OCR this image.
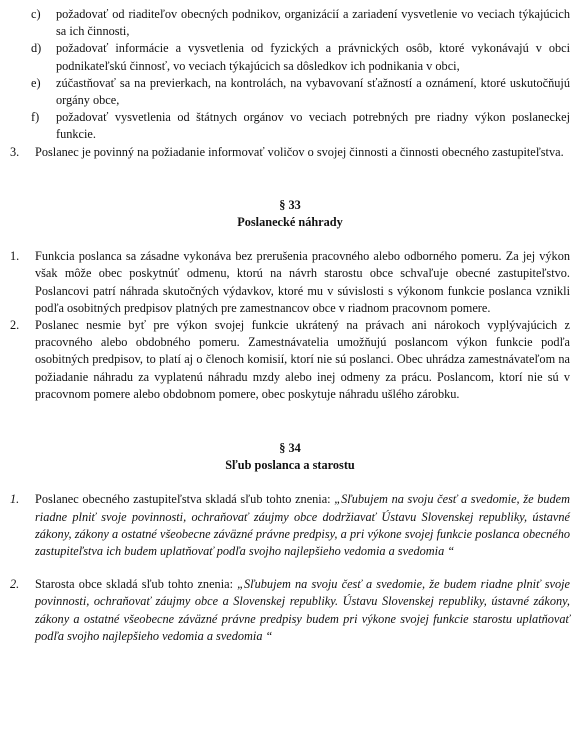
c) požadovať od riaditeľov obecných podnikov, organizácií a zariadení vysvetlenie vo veciach týkajúcich sa ich činnosti,
d) požadovať informácie a vysvetlenia od fyzických a právnických osôb, ktoré vykonávajú v obci podnikateľskú činnosť, vo veciach týkajúcich sa dôsledkov ich podnikania v obci,
e) zúčastňovať sa na previerkach, na kontrolách, na vybavovaní sťažností a oznámení, ktoré uskutočňujú orgány obce,
f) požadovať vysvetlenia od štátnych orgánov vo veciach potrebných pre riadny výkon poslaneckej funkcie.
3. Poslanec je povinný na požiadanie informovať voličov o svojej činnosti a činnosti obecného zastupiteľstva.
§ 33
Poslanecké náhrady
1. Funkcia poslanca sa zásadne vykonáva bez prerušenia pracovného alebo odborného pomeru. Za jej výkon však môže obec poskytnúť odmenu, ktorú na návrh starostu obce schvaľuje obecné zastupiteľstvo. Poslancovi patrí náhrada skutočných výdavkov, ktoré mu v súvislosti s výkonom funkcie poslanca vznikli podľa osobitných predpisov platných pre zamestnancov obce v riadnom pracovnom pomere.
2. Poslanec nesmie byť pre výkon svojej funkcie ukrátený na právach ani nárokoch vyplývajúcich z pracovného alebo obdobného pomeru. Zamestnávatelia umožňujú poslancom výkon funkcie podľa osobitných predpisov, to platí aj o členoch komisií, ktorí nie sú poslanci. Obec uhrádza zamestnávateľom na požiadanie náhradu za vyplatenú náhradu mzdy alebo inej odmeny za prácu. Poslancom, ktorí nie sú v pracovnom pomere alebo obdobnom pomere, obec poskytuje náhradu ušlého zárobku.
§ 34
Sľub poslanca a starostu
1. Poslanec obecného zastupiteľstva skladá sľub tohto znenia: „Sľubujem na svoju česť a svedomie, že budem riadne plniť svoje povinnosti, ochraňovať záujmy obce dodržiavať Ústavu Slovenskej republiky, ústavné zákony, zákony a ostatné všeobecne záväzné právne predpisy, a pri výkone svojej funkcie poslanca obecného zastupiteľstva ich budem uplatňovať podľa svojho najlepšieho vedomia a svedomia “
2. Starosta obce skladá sľub tohto znenia: „Sľubujem na svoju česť a svedomie, že budem riadne plniť svoje povinnosti, ochraňovať záujmy obce a Slovenskej republiky. Ústavu Slovenskej republiky, ústavné zákony, zákony a ostatné všeobecne záväzné právne predpisy budem pri výkone svojej funkcie starostu uplatňovať podľa svojho najlepšieho vedomia a svedomia “
